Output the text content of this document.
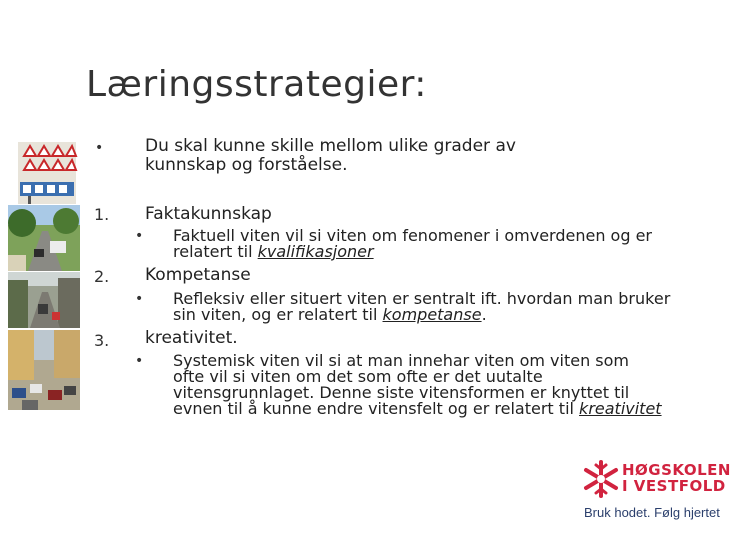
Læringsstrategier:
• Du skal kunne skille mellom ulike grader av kunnskap og forståelse.
1. Faktakunnskap
• Faktuell viten vil si viten om fenomener i omverdenen og er relatert til kvalifikasjoner
2. Kompetanse
• Refleksiv eller situert viten er sentralt ift. hvordan man bruker sin viten, og er relatert til kompetanse.
3. kreativitet.
• Systemisk viten vil si at man innehar viten om viten som ofte vil si viten om det som ofte er det uutalte vitensgrunnlaget. Denne siste vitensformen er knyttet til evnen til å kunne endre vitensfelt og er relatert til kreativitet
HØGSKOLEN
I VESTFOLD
Bruk hodet. Følg hjertet
